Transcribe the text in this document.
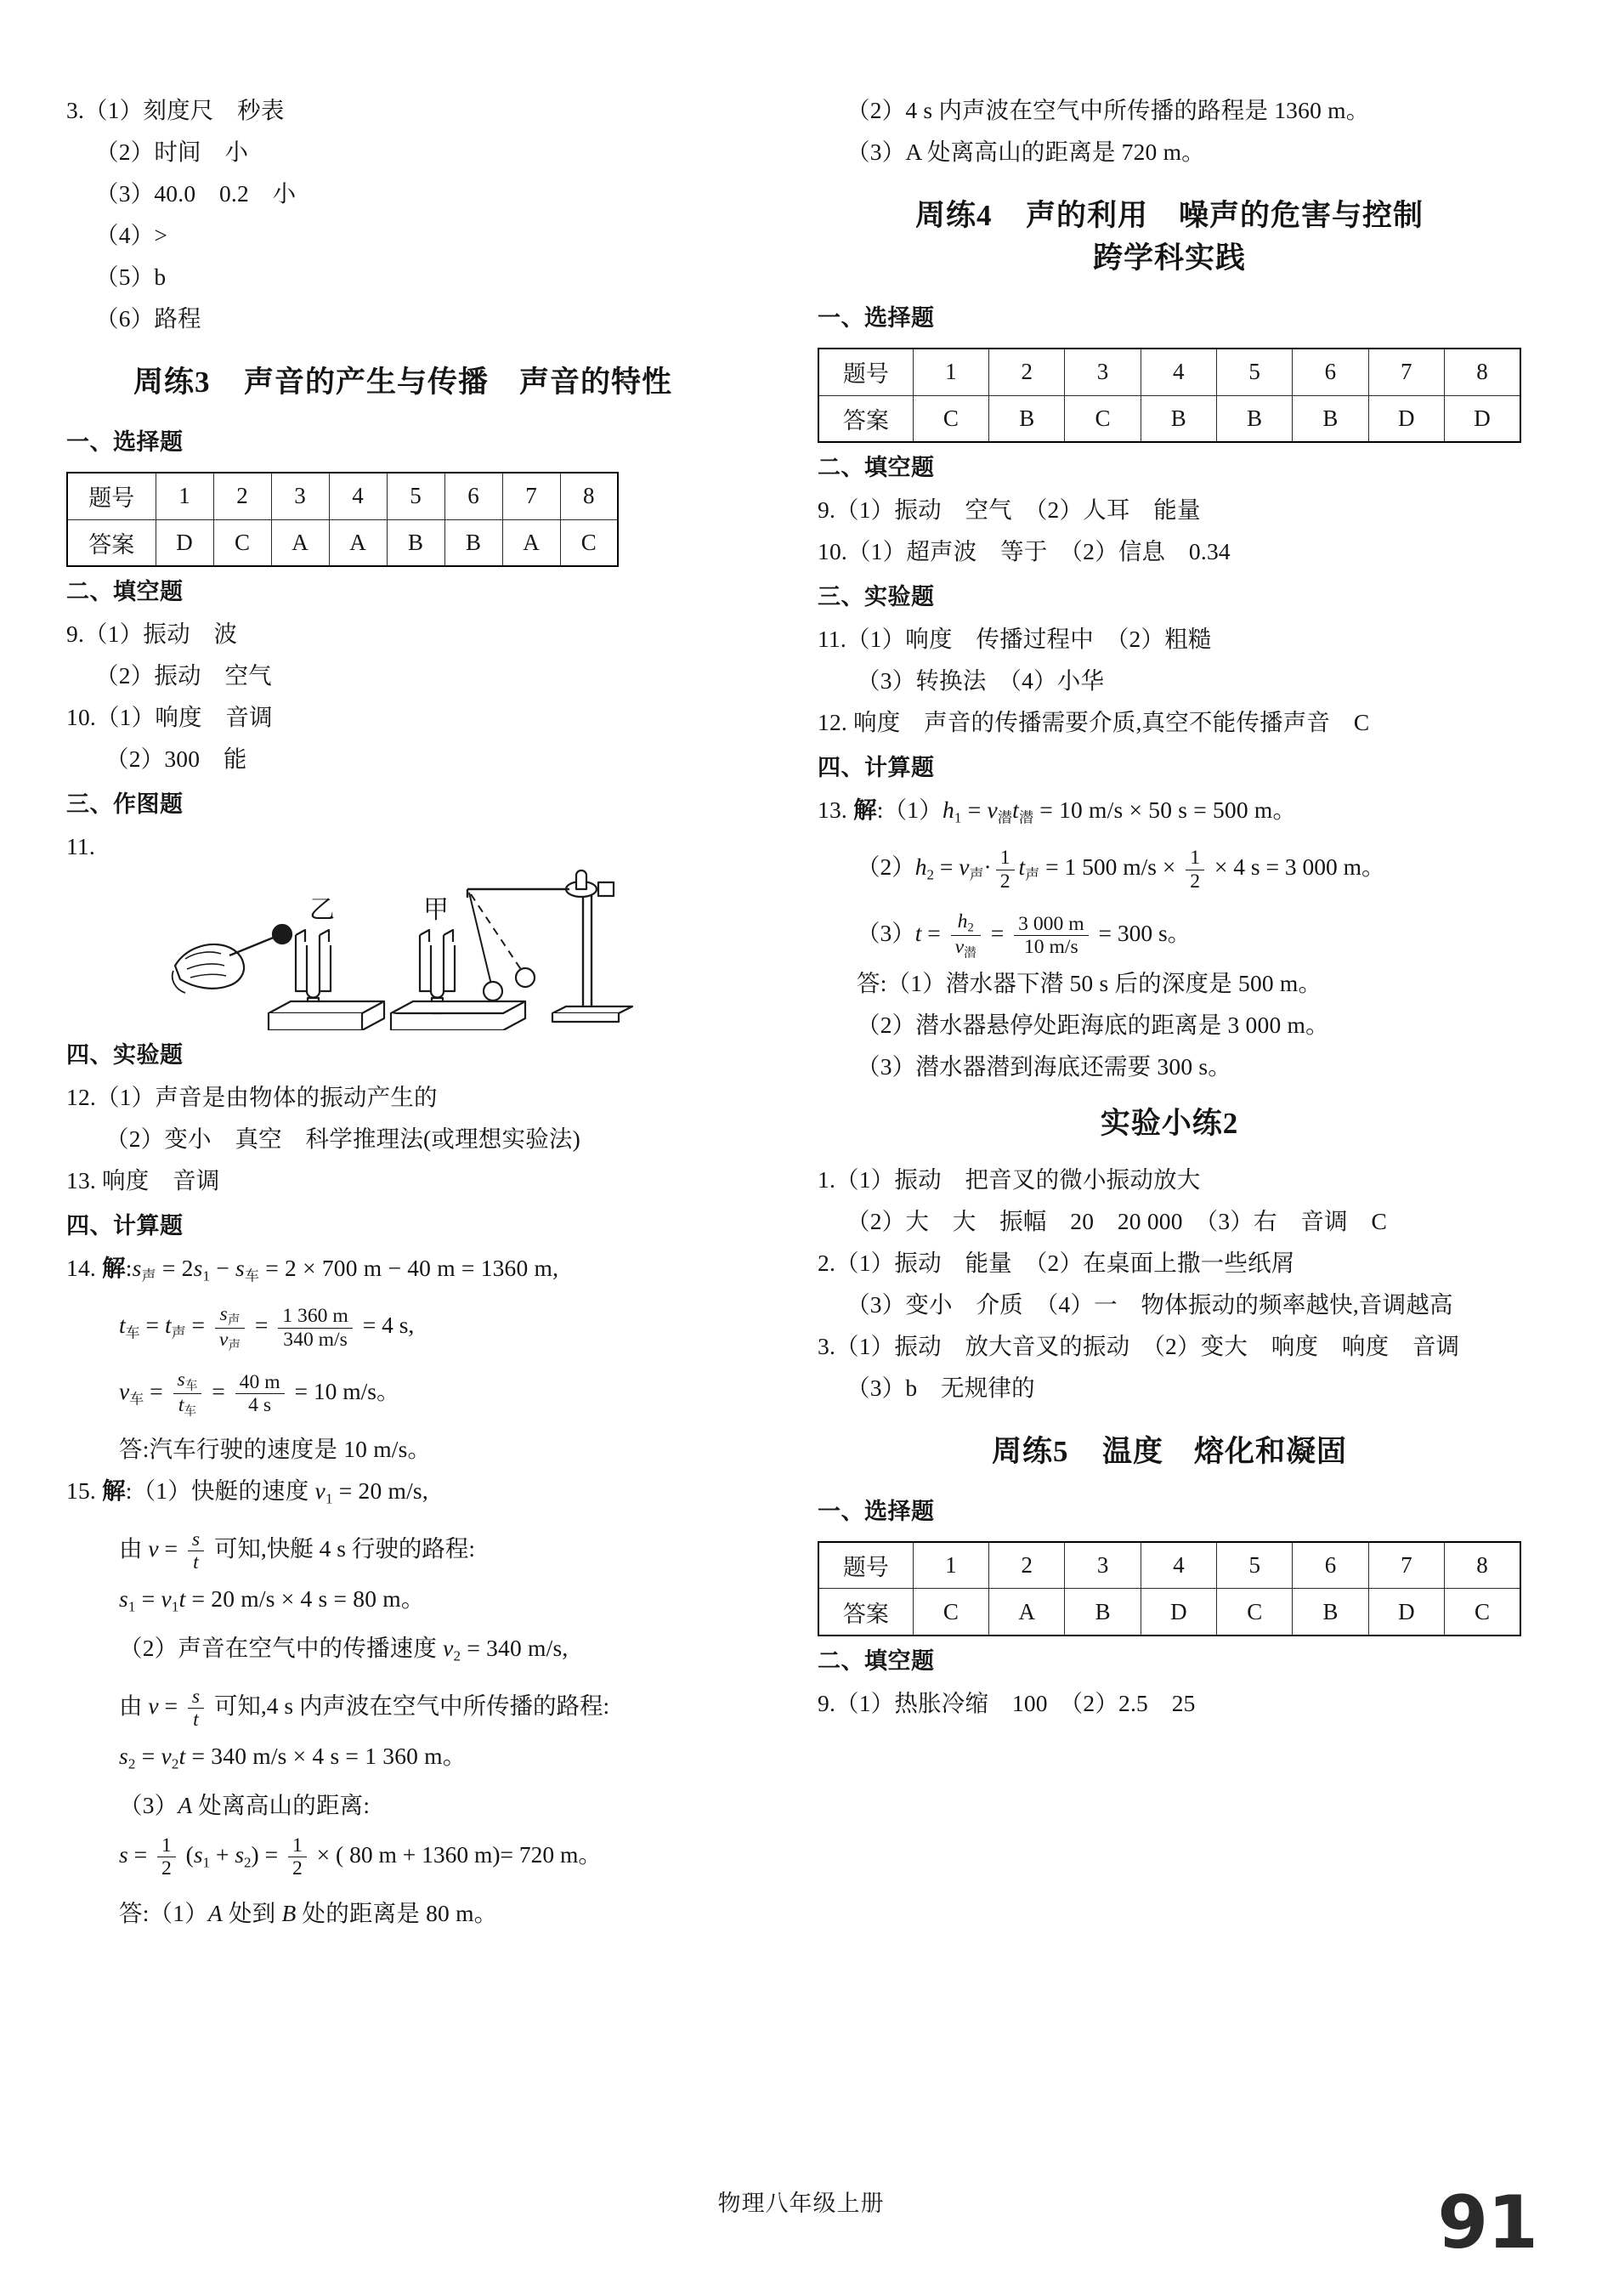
3.（1）刻度尺　秒表
（2）时间　小
（3）40.0　0.2　小
（4）>
（5）b
（6）路程
周练3 声音的产生与传播　声音的特性
一、选择题
题号	1	2	3	4	5	6	7	8
答案	D	C	A	A	B	B	A	C
二、填空题
9.（1）振动　波
（2）振动　空气
10.（1）响度　音调
（2）300　能
三、作图题
11.
乙	甲
四、实验题
12.（1）声音是由物体的振动产生的
（2）变小　真空　科学推理法(或理想实验法)
13. 响度　音调
四、计算题
14. 解$:s_声 = 2s_1 - s_车 = 2 \times 700$ m − 40 m = 1360 m,
$t_车 = t_声 = \frac{s_声}{v_声} = \frac{1 360 m}{340 m/s} = 4$ s,
$v_车 = \frac{s_车}{t_车} = \frac{40 m}{4 s} = 10$ m/s。
答:汽车行驶的速度是 10 m/s。
15. 解:（1）快艇的速度 $v_1 = 20$ m/s,
由 $v = \frac{s}{t}$ 可知,快艇 4 s 行驶的路程:
$s_1 = v_1t = 20$ m/s × 4 s = 80 m。
（2）声音在空气中的传播速度 $v_2 = 340$ m/s,
由 $v = \frac{s}{t}$ 可知,4 s 内声波在空气中所传播的路程:
$s_2 = v_2t = 340$ m/s × 4 s = 1 360 m。
（3）A 处离高山的距离:
$s = \frac{1}{2} (s_1 + s_2) = \frac{1}{2}$ × ( 80 m + 1360 m)= 720 m。
答:（1）A 处到 B 处的距离是 80 m。
（2）4 s 内声波在空气中所传播的路程是 1360 m。
（3）A 处离高山的距离是 720 m。
周练4 声的利用　噪声的危害与控制
跨学科实践
一、选择题
题号	1	2	3	4	5	6	7	8
答案	C	B	C	B	B	B	D	D
二、填空题
9.（1）振动　空气　（2）人耳　能量
10.（1）超声波　等于　（2）信息　0.34
三、实验题
11.（1）响度　传播过程中　（2）粗糙
（3）转换法　（4）小华
12. 响度　声音的传播需要介质,真空不能传播声音　C
四、计算题
13. 解$:(1)h_1 = v_潜t_潜 = 10$ m/s × 50 s = 500 m。
$(2)h_2 = v_声\cdot \frac{1}{2} t_声 = 1$ 500 $m/s \times \frac{1}{2} \times 4$ s = 3 000 m。
$(3)t = \frac{h_2}{v_潜} = \frac{3 000 m}{10 m/s} = 300$ s。
答:（1）潜水器下潜 50 s 后的深度是 500 m。
（2）潜水器悬停处距海底的距离是 3 000 m。
（3）潜水器潜到海底还需要 300 s。
实验小练2
1.（1）振动　把音叉的微小振动放大
（2）大　大　振幅　20　20 000　（3）右　音调　C
2.（1）振动　能量　（2）在桌面上撒一些纸屑
（3）变小　介质　（4）一　物体振动的频率越快,音调越高
3.（1）振动　放大音叉的振动　（2）变大　响度　响度　音调
（3）b　无规律的
周练5 温度　熔化和凝固
一、选择题
题号	1	2	3	4	5	6	7	8
答案	C	A	B	D	C	B	D	C
二、填空题
9.（1）热胀冷缩　100　（2）2.5　25
物理八年级上册	91
